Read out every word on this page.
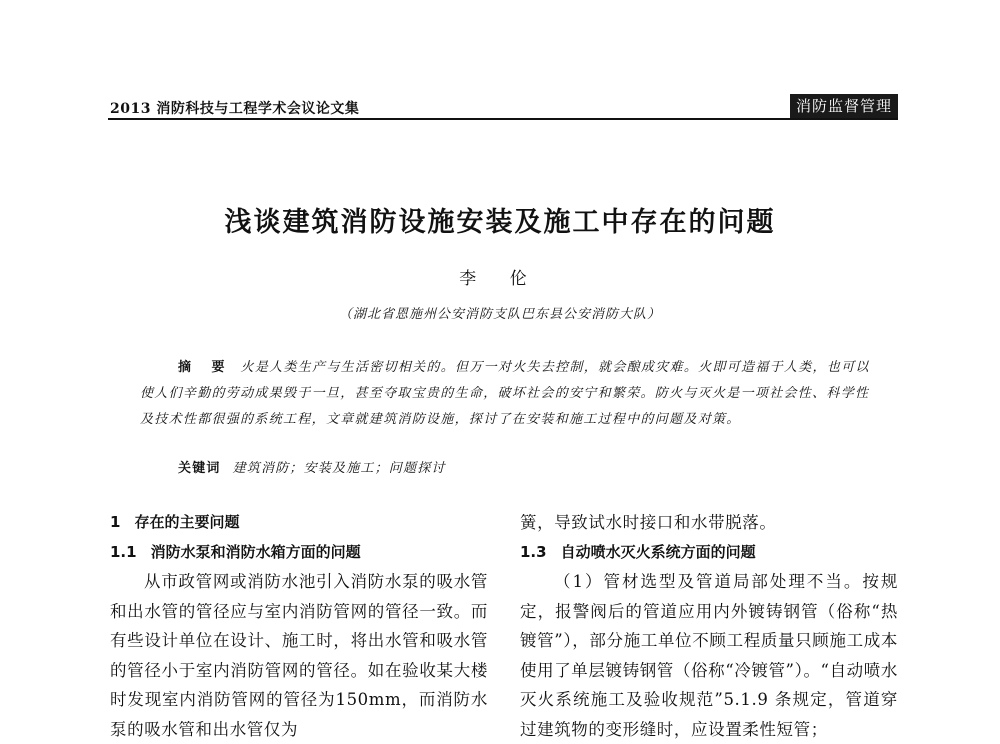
2013 消防科技与工程学术会议论文集	消防监督管理
浅谈建筑消防设施安装及施工中存在的问题
李 伦
（湖北省恩施州公安消防支队巴东县公安消防大队）
摘 要 火是人类生产与生活密切相关的。但万一对火失去控制，就会酿成灾难。火即可造福于人类，也可以使人们辛勤的劳动成果毁于一旦，甚至夺取宝贵的生命，破坏社会的安宁和繁荣。防火与灭火是一项社会性、科学性及技术性都很强的系统工程，文章就建筑消防设施，探讨了在安装和施工过程中的问题及对策。
关键词 建筑消防；安装及施工；问题探讨
1 存在的主要问题
1.1 消防水泵和消防水箱方面的问题
从市政管网或消防水池引入消防水泵的吸水管和出水管的管径应与室内消防管网的管径一致。而有些设计单位在设计、施工时，将出水管和吸水管的管径小于室内消防管网的管径。如在验收某大楼时发现室内消防管网的管径为150mm，而消防水泵的吸水管和出水管仅为
簧，导致试水时接口和水带脱落。
1.3 自动喷水灭火系统方面的问题
（1）管材选型及管道局部处理不当。按规定，报警阀后的管道应用内外镀铸钢管（俗称“热镀管”），部分施工单位不顾工程质量只顾施工成本使用了单层镀铸钢管（俗称“冷镀管”）。“自动喷水灭火系统施工及验收规范”5.1.9 条规定，管道穿过建筑物的变形缝时，应设置柔性短管；
